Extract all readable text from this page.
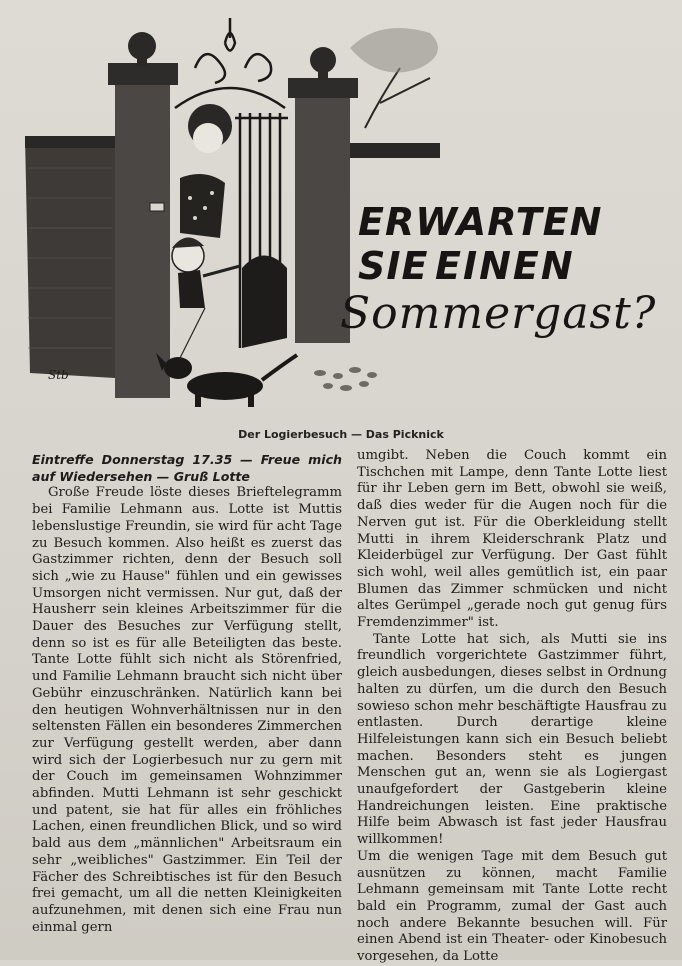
Stb
ERWARTEN SIE EINEN
Sommergast?
Der Logierbesuch — Das Picknick

Eintreffe Donnerstag 17.35 — Freue mich auf Wiedersehen — Gruß Lotte

Große Freude löste dieses Brieftelegramm bei Familie Lehmann aus. Lotte ist Muttis lebenslustige Freundin, sie wird für acht Tage zu Besuch kommen. Also heißt es zuerst das Gastzimmer richten, denn der Besuch soll sich „wie zu Hause" fühlen und ein gewisses Umsorgen nicht vermissen. Nur gut, daß der Hausherr sein kleines Arbeitszimmer für die Dauer des Besuches zur Verfügung stellt, denn so ist es für alle Beteiligten das beste. Tante Lotte fühlt sich nicht als Störenfried, und Familie Lehmann braucht sich nicht über Gebühr einzuschränken. Natürlich kann bei den heutigen Wohnverhältnissen nur in den seltensten Fällen ein besonderes Zimmerchen zur Verfügung gestellt werden, aber dann wird sich der Logierbesuch nur zu gern mit der Couch im gemeinsamen Wohnzimmer abfinden. Mutti Lehmann ist sehr geschickt und patent, sie hat für alles ein fröhliches Lachen, einen freundlichen Blick, und so wird bald aus dem „männlichen" Arbeitsraum ein sehr „weibliches" Gastzimmer. Ein Teil der Fächer des Schreibtisches ist für den Besuch frei gemacht, um all die netten Kleinigkeiten aufzunehmen, mit denen sich eine Frau nun einmal gern

umgibt. Neben die Couch kommt ein Tischchen mit Lampe, denn Tante Lotte liest für ihr Leben gern im Bett, obwohl sie weiß, daß dies weder für die Augen noch für die Nerven gut ist. Für die Oberkleidung stellt Mutti in ihrem Kleiderschrank Platz und Kleiderbügel zur Verfügung. Der Gast fühlt sich wohl, weil alles gemütlich ist, ein paar Blumen das Zimmer schmücken und nicht altes Gerümpel „gerade noch gut genug fürs Fremdenzimmer" ist.

Tante Lotte hat sich, als Mutti sie ins freundlich vorgerichtete Gastzimmer führt, gleich ausbedungen, dieses selbst in Ordnung halten zu dürfen, um die durch den Besuch sowieso schon mehr beschäftigte Hausfrau zu entlasten. Durch derartige kleine Hilfeleistungen kann sich ein Besuch beliebt machen. Besonders steht es jungen Menschen gut an, wenn sie als Logiergast unaufgefordert der Gastgeberin kleine Handreichungen leisten. Eine praktische Hilfe beim Abwasch ist fast jeder Hausfrau willkommen!

Um die wenigen Tage mit dem Besuch gut ausnützen zu können, macht Familie Lehmann gemeinsam mit Tante Lotte recht bald ein Programm, zumal der Gast auch noch andere Bekannte besuchen will. Für einen Abend ist ein Theater- oder Kinobesuch vorgesehen, da Lotte
